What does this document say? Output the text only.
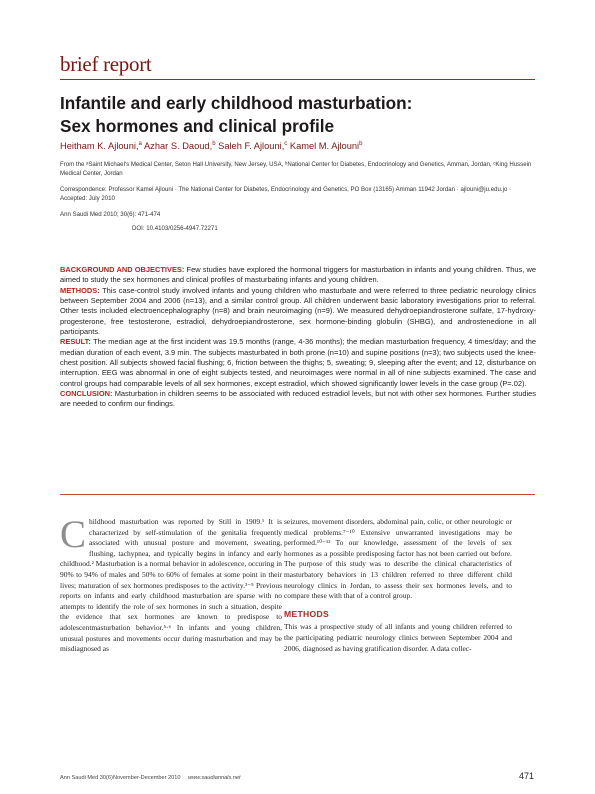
brief report
Infantile and early childhood masturbation:
Sex hormones and clinical profile
Heitham K. Ajlouni,$^a$ Azhar S. Daoud,$^b$ Saleh F. Ajlouni,$^c$ Kamel M. Ajlouni$^b$
From the ᵃSaint Michael's Medical Center, Seton Hall University, New Jersey, USA, ᵇNational Center for Diabetes, Endocrinology and Genetics, Amman, Jordan, ᶜKing Hussein Medical Center, Jordan
Correspondence: Professor Kamel Ajlouni · The National Center for Diabetes, Endocrinology and Genetics, PO Box (13165) Amman 11942 Jordan · ajlouni@ju.edu.jo · Accepted: July 2010
Ann Saudi Med 2010; 30(6): 471-474
DOI: 10.4103/0256-4947.72271

BACKGROUND AND OBJECTIVES: Few studies have explored the hormonal triggers for masturbation in infants and young children. Thus, we aimed to study the sex hormones and clinical profiles of masturbating infants and young children.

METHODS: This case-control study involved infants and young children who masturbate and were referred to three pediatric neurology clinics between September 2004 and 2006 (n=13), and a similar control group. All children underwent basic laboratory investigations prior to referral. Other tests included electroencephalography (n=8) and brain neuroimaging (n=9). We measured dehydroepiandrosterone sulfate, 17-hydroxy-progesterone, free testosterone, estradiol, dehydroepiandrosterone, sex hormone-binding globulin (SHBG), and androstenedione in all participants.

RESULT: The median age at the first incident was 19.5 months (range, 4-36 months); the median masturbation frequency, 4 times/day; and the median duration of each event, 3.9 min. The subjects masturbated in both prone (n=10) and supine positions (n=3); two subjects used the knee-chest position. All subjects showed facial flushing; 6, friction between the thighs; 5, sweating; 9, sleeping after the event; and 12, disturbance on interruption. EEG was abnormal in one of eight subjects tested, and neuroimages were normal in all of nine subjects examined. The case and control groups had comparable levels of all sex hormones, except estradiol, which showed significantly lower levels in the case group (P=.02).

CONCLUSION: Masturbation in children seems to be associated with reduced estradiol levels, but not with other sex hormones. Further studies are needed to confirm our findings.

Childhood masturbation was reported by Still in 1909.¹ It is characterized by self-stimulation of the genitalia frequently associated with unusual posture and movement, sweating, flushing, tachypnea, and typically begins in infancy and early childhood.² Masturbation is a normal behavior in adolescence, occuring in 90% to 94% of males and 50% to 60% of females at some point in their lives; maturation of sex hormones predisposes to the activity.³⁻⁵ Previous reports on infants and early childhood masturbation are sparse with no attempts to identify the role of sex hormones in such a situation, despite the evidence that sex hormones are known to predispose to adolescentmasturbation behavior.⁵·⁶ In infants and young children, unusual postures and movements occur during masturbation and may be misdiagnosed as

seizures, movement disorders, abdominal pain, colic, or other neurologic or medical problems.⁷⁻¹⁰ Extensive unwarranted investigations may be performed.¹⁰⁻¹² To our knowledge, assessment of the levels of sex hormones as a possible predisposing factor has not been carried out before. The purpose of this study was to describe the clinical characteristics of masturbatory behaviors in 13 children referred to three different child neurology clinics in Jordan, to assess their sex hormones levels, and to compare these with that of a control group.

METHODS

This was a prospective study of all infants and young children referred to the participating pediatric neurology clinics between September 2004 and 2006, diagnosed as having gratification disorder. A data collec-

Ann Saudi Med 30(6) November-December 2010 www.saudiannals.net	471
